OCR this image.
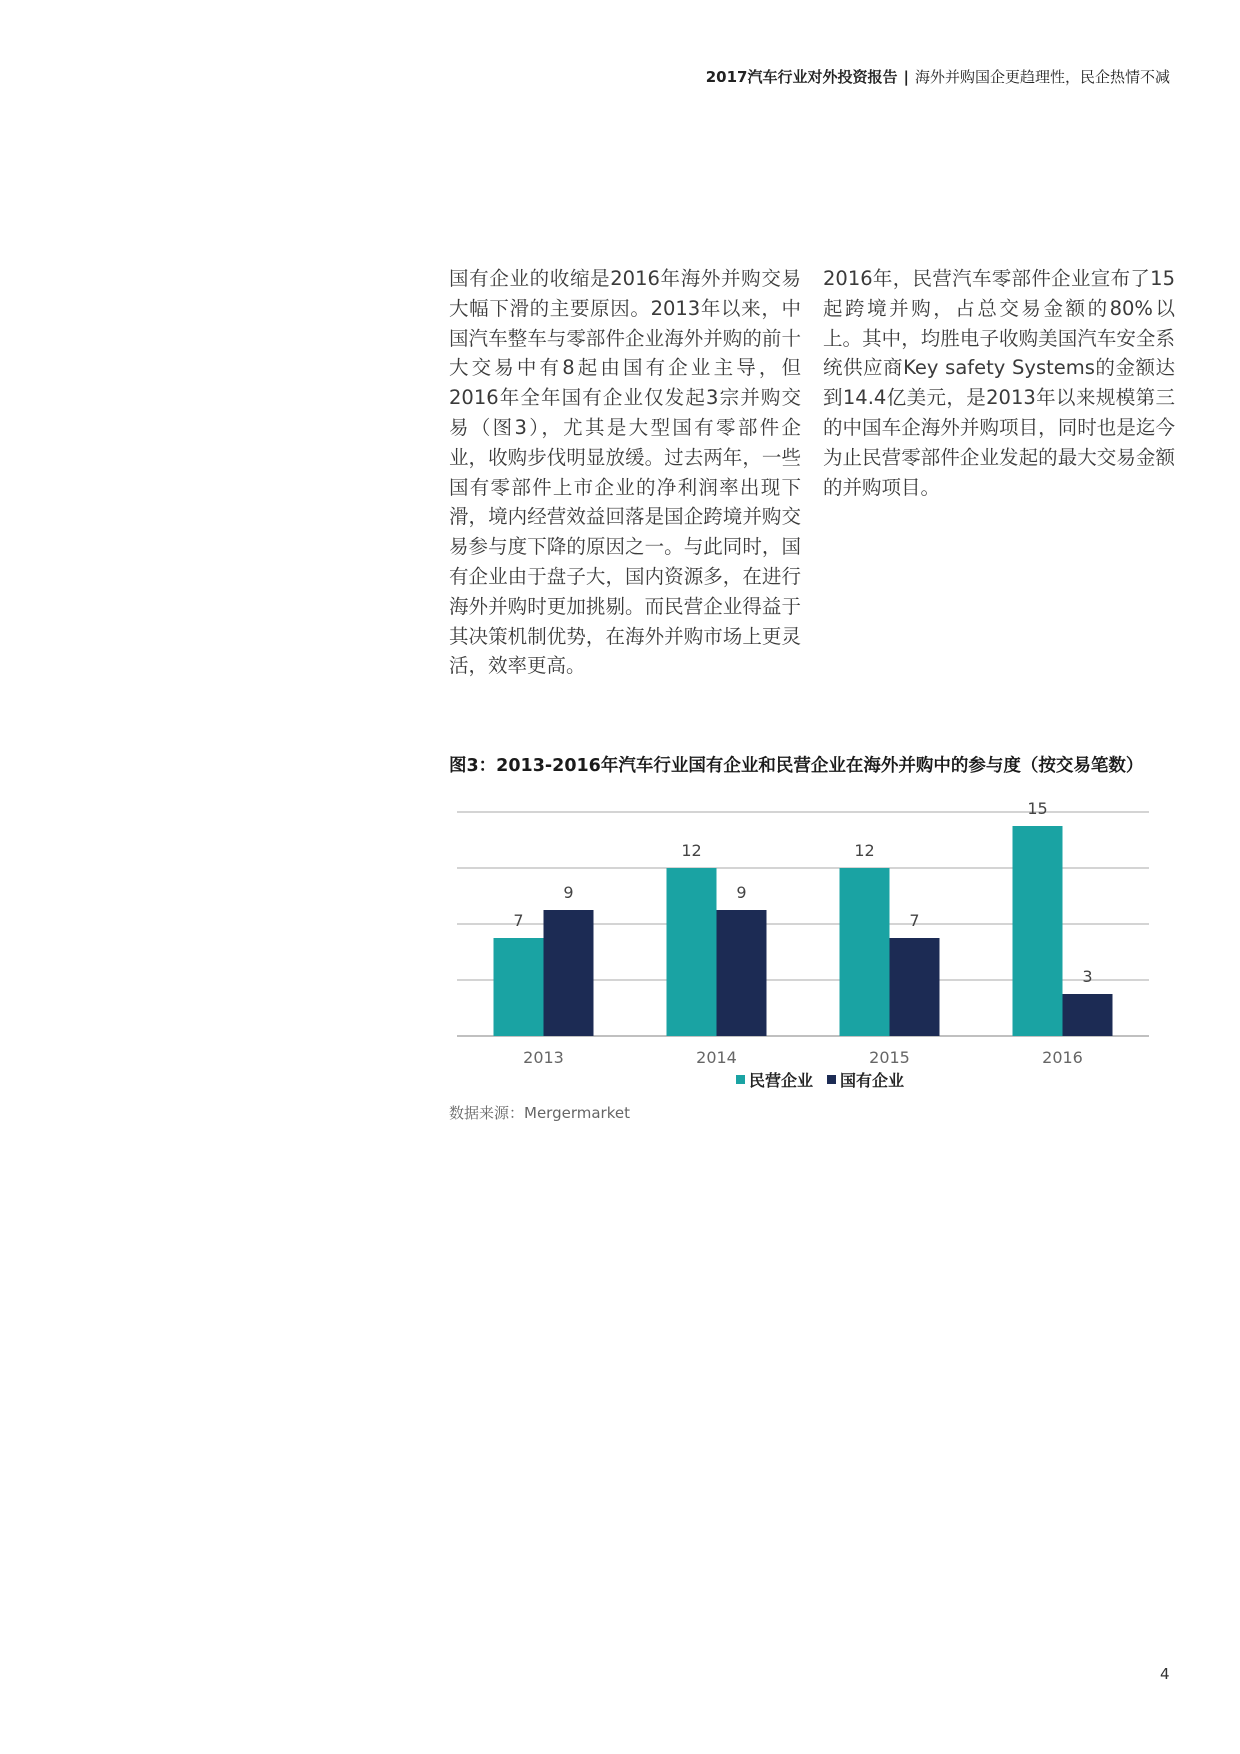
2017汽车行业对外投资报告 | 海外并购国企更趋理性，民企热情不减

国有企业的收缩是2016年海外并购交易大幅下滑的主要原因。2013年以来，中国汽车整车与零部件企业海外并购的前十大交易中有8起由国有企业主导，但2016年全年国有企业仅发起3宗并购交易（图3），尤其是大型国有零部件企业，收购步伐明显放缓。过去两年，一些国有零部件上市企业的净利润率出现下滑，境内经营效益回落是国企跨境并购交易参与度下降的原因之一。与此同时，国有企业由于盘子大，国内资源多，在进行海外并购时更加挑剔。而民营企业得益于其决策机制优势，在海外并购市场上更灵活，效率更高。

2016年，民营汽车零部件企业宣布了15起跨境并购，占总交易金额的80%以上。其中，均胜电子收购美国汽车安全系统供应商Key safety Systems的金额达到14.4亿美元，是2013年以来规模第三的中国车企海外并购项目，同时也是迄今为止民营零部件企业发起的最大交易金额的并购项目。

图3：2013-2016年汽车行业国有企业和民营企业在海外并购中的参与度（按交易笔数）
7
9
2013
12
9
2014
12
7
2015
15
3
2016
民营企业 国有企业
数据来源：Mergermarket
4
